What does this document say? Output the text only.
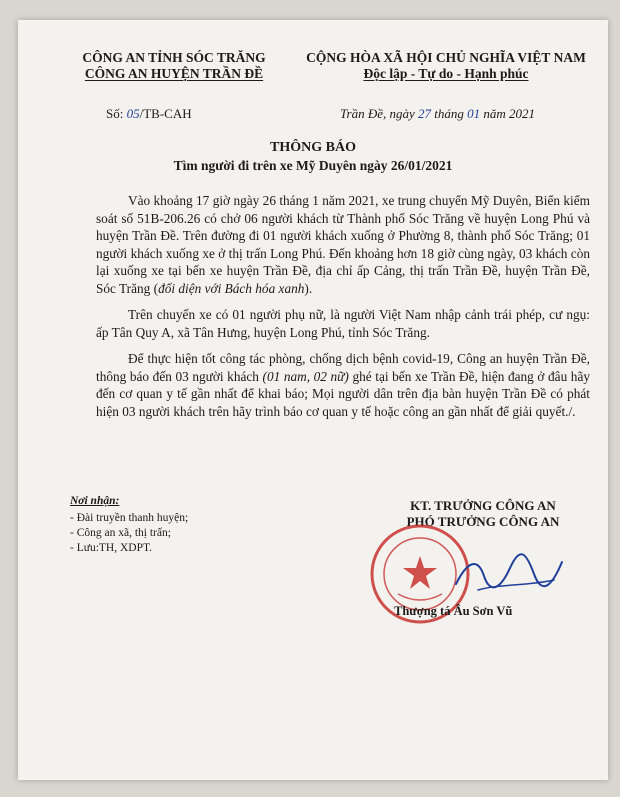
CÔNG AN TỈNH SÓC TRĂNG
CÔNG AN HUYỆN TRẦN ĐỀ
CỘNG HÒA XÃ HỘI CHỦ NGHĨA VIỆT NAM
Độc lập - Tự do - Hạnh phúc
Số: 05/TB-CAH	Trần Đề, ngày 27 tháng 01 năm 2021
THÔNG BÁO
Tìm người đi trên xe Mỹ Duyên ngày 26/01/2021

Vào khoảng 17 giờ ngày 26 tháng 1 năm 2021, xe trung chuyển Mỹ Duyên, Biển kiểm soát số 51B-206.26 có chở 06 người khách từ Thành phố Sóc Trăng về huyện Long Phú và huyện Trần Đề. Trên đường đi 01 người khách xuống ở Phường 8, thành phố Sóc Trăng; 01 người khách xuống xe ở thị trấn Long Phú. Đến khoảng hơn 18 giờ cùng ngày, 03 khách còn lại xuống xe tại bến xe huyện Trần Đề, địa chỉ ấp Cảng, thị trấn Trần Đề, huyện Trần Đề, Sóc Trăng (đối diện với Bách hóa xanh).

Trên chuyến xe có 01 người phụ nữ, là người Việt Nam nhập cảnh trái phép, cư ngụ: ấp Tân Quy A, xã Tân Hưng, huyện Long Phú, tỉnh Sóc Trăng.

Để thực hiện tốt công tác phòng, chống dịch bệnh covid-19, Công an huyện Trần Đề, thông báo đến 03 người khách (01 nam, 02 nữ) ghé tại bến xe Trần Đề, hiện đang ở đâu hãy đến cơ quan y tế gần nhất để khai báo; Mọi người dân trên địa bàn huyện Trần Đề có phát hiện 03 người khách trên hãy trình báo cơ quan y tế hoặc công an gần nhất để giải quyết./.

Nơi nhận:
- Đài truyền thanh huyện;
- Công an xã, thị trấn;
- Lưu:TH, XDPT.
KT. TRƯỞNG CÔNG AN
PHÓ TRƯỞNG CÔNG AN
Thượng tá Âu Sơn Vũ
